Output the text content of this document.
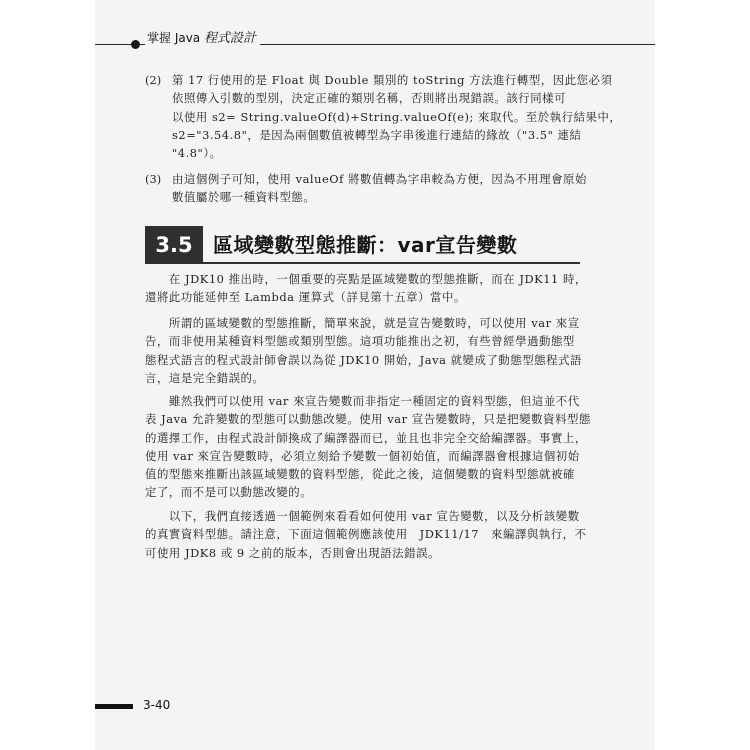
掌握 Java 程式設計
(2) 第 17 行使用的是 Float 與 Double 類別的 toString 方法進行轉型，因此您必須
依照傳入引數的型別，決定正確的類別名稱，否則將出現錯誤。該行同樣可
以使用 s2= String.valueOf(d)+String.valueOf(e); 來取代。至於執行結果中，
s2="3.54.8"，是因為兩個數值被轉型為字串後進行連結的緣故（"3.5" 連結
"4.8"）。
(3) 由這個例子可知，使用 valueOf 將數值轉為字串較為方便，因為不用理會原始
數值屬於哪一種資料型態。
3.5	區域變數型態推斷：var宣告變數
　　在 JDK10 推出時，一個重要的亮點是區域變數的型態推斷，而在 JDK11 時，
還將此功能延伸至 Lambda 運算式（詳見第十五章）當中。
　　所謂的區域變數的型態推斷，簡單來說，就是宣告變數時，可以使用 var 來宣
告，而非使用某種資料型態或類別型態。這項功能推出之初，有些曾經學過動態型
態程式語言的程式設計師會誤以為從 JDK10 開始，Java 就變成了動態型態程式語
言，這是完全錯誤的。
　　雖然我們可以使用 var 來宣告變數而非指定一種固定的資料型態，但這並不代
表 Java 允許變數的型態可以動態改變。使用 var 宣告變數時，只是把變數資料型態
的選擇工作，由程式設計師換成了編譯器而已，並且也非完全交給編譯器。事實上，
使用 var 來宣告變數時，必須立刻給予變數一個初始值，而編譯器會根據這個初始
值的型態來推斷出該區域變數的資料型態，從此之後，這個變數的資料型態就被確
定了，而不是可以動態改變的。
　　以下，我們直接透過一個範例來看看如何使用 var 宣告變數，以及分析該變數
的真實資料型態。請注意，下面這個範例應該使用　JDK11/17　來編譯與執行，不
可使用 JDK8 或 9 之前的版本，否則會出現語法錯誤。
3-40
